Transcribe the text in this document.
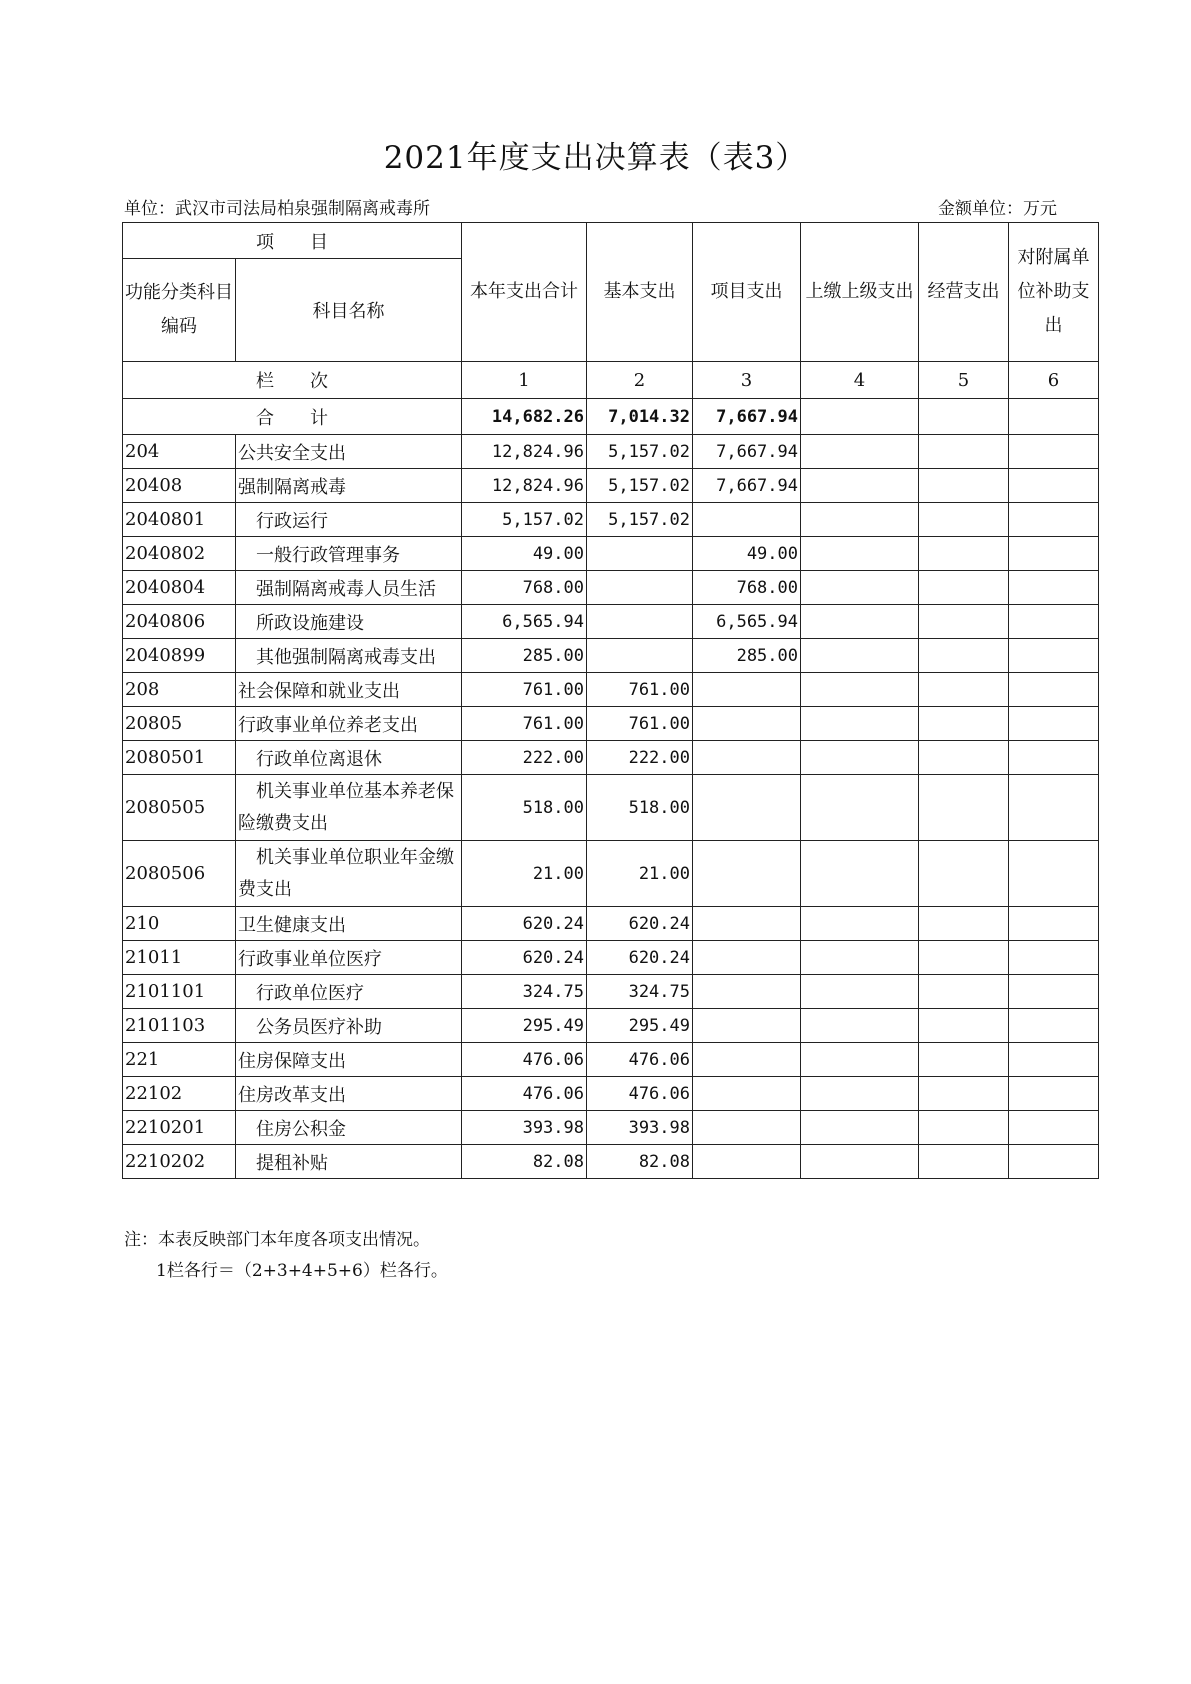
2021年度支出决算表（表3）
单位：武汉市司法局柏泉强制隔离戒毒所	金额单位：万元
项　　目		本年支出合计	基本支出	项目支出	上缴上级支出	经营支出	对附属单位补助支出
功能分类科目编码	科目名称						
栏　　次		1	2	3	4	5	6
合　　计		14,682.26	7,014.32	7,667.94			
204	公共安全支出	12,824.96	5,157.02	7,667.94			
20408	强制隔离戒毒	12,824.96	5,157.02	7,667.94			
2040801	行政运行	5,157.02	5,157.02				
2040802	一般行政管理事务	49.00		49.00			
2040804	强制隔离戒毒人员生活	768.00		768.00			
2040806	所政设施建设	6,565.94		6,565.94			
2040899	其他强制隔离戒毒支出	285.00		285.00			
208	社会保障和就业支出	761.00	761.00				
20805	行政事业单位养老支出	761.00	761.00				
2080501	行政单位离退休	222.00	222.00				
2080505	机关事业单位基本养老保险缴费支出	518.00	518.00				
2080506	机关事业单位职业年金缴费支出	21.00	21.00				
210	卫生健康支出	620.24	620.24				
21011	行政事业单位医疗	620.24	620.24				
2101101	行政单位医疗	324.75	324.75				
2101103	公务员医疗补助	295.49	295.49				
221	住房保障支出	476.06	476.06				
22102	住房改革支出	476.06	476.06				
2210201	住房公积金	393.98	393.98				
2210202	提租补贴	82.08	82.08				
注：本表反映部门本年度各项支出情况。
1栏各行＝（2+3+4+5+6）栏各行。
